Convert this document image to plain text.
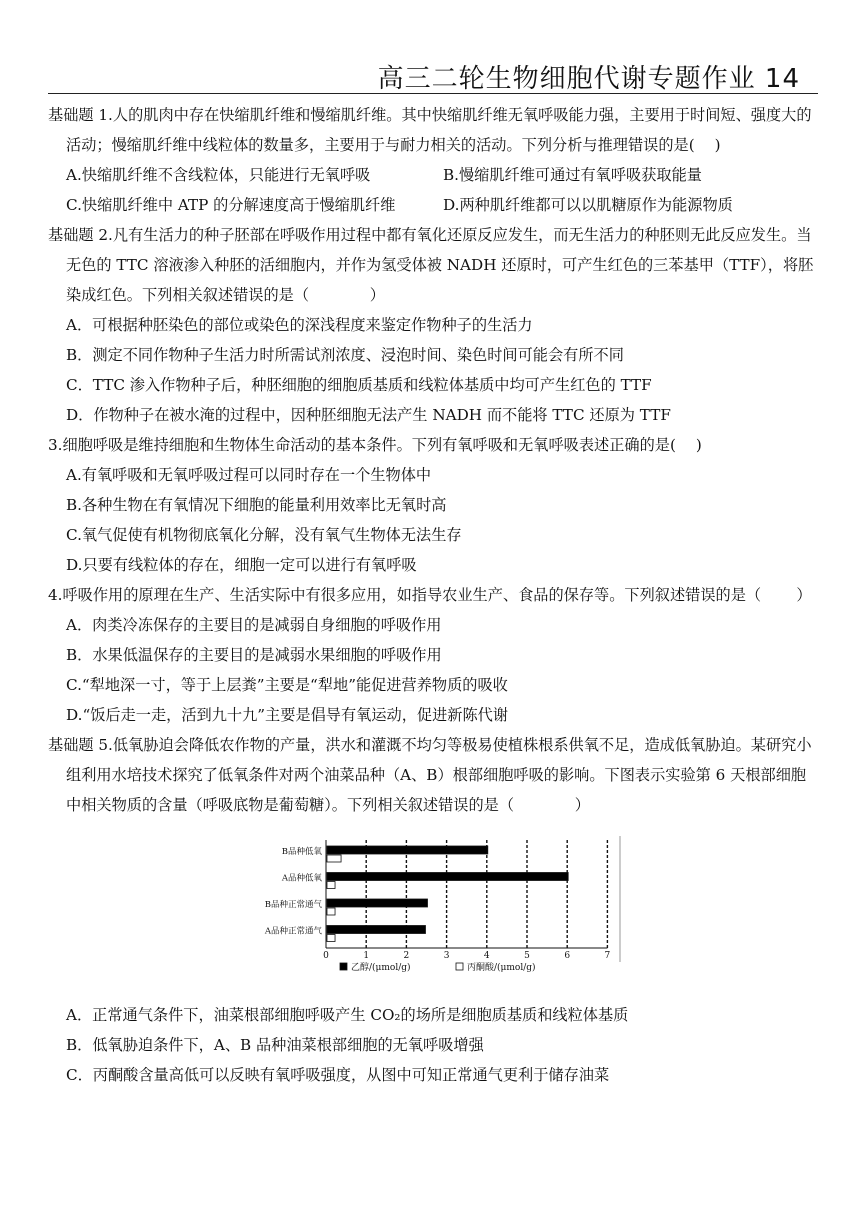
高三二轮生物细胞代谢专题作业 14

基础题 1.人的肌肉中存在快缩肌纤维和慢缩肌纤维。其中快缩肌纤维无氧呼吸能力强，主要用于时间短、强度大的活动；慢缩肌纤维中线粒体的数量多，主要用于与耐力相关的活动。下列分析与推理错误的是(　 )

A.快缩肌纤维不含线粒体，只能进行无氧呼吸	B.慢缩肌纤维可通过有氧呼吸获取能量
C.快缩肌纤维中 ATP 的分解速度高于慢缩肌纤维	D.两种肌纤维都可以以肌糖原作为能源物质

基础题 2.凡有生活力的种子胚部在呼吸作用过程中都有氧化还原反应发生，而无生活力的种胚则无此反应发生。当无色的 TTC 溶液渗入种胚的活细胞内，并作为氢受体被 NADH 还原时，可产生红色的三苯基甲（TTF），将胚染成红色。下列相关叙述错误的是（　　　　）

A．可根据种胚染色的部位或染色的深浅程度来鉴定作物种子的生活力

B．测定不同作物种子生活力时所需试剂浓度、浸泡时间、染色时间可能会有所不同

C．TTC 渗入作物种子后，种胚细胞的细胞质基质和线粒体基质中均可产生红色的 TTF

D．作物种子在被水淹的过程中，因种胚细胞无法产生 NADH 而不能将 TTC 还原为 TTF

3.细胞呼吸是维持细胞和生物体生命活动的基本条件。下列有氧呼吸和无氧呼吸表述正确的是(　 )

A.有氧呼吸和无氧呼吸过程可以同时存在一个生物体中

B.各种生物在有氧情况下细胞的能量利用效率比无氧时高

C.氧气促使有机物彻底氧化分解，没有氧气生物体无法生存

D.只要有线粒体的存在，细胞一定可以进行有氧呼吸

4.呼吸作用的原理在生产、生活实际中有很多应用，如指导农业生产、食品的保存等。下列叙述错误的是（　　 ）

A．肉类冷冻保存的主要目的是减弱自身细胞的呼吸作用

B．水果低温保存的主要目的是减弱水果细胞的呼吸作用

C.“犁地深一寸，等于上层粪”主要是“犁地”能促进营养物质的吸收

D.“饭后走一走，活到九十九”主要是倡导有氧运动，促进新陈代谢

基础题 5.低氧胁迫会降低农作物的产量，洪水和灌溉不均匀等极易使植株根系供氧不足，造成低氧胁迫。某研究小组利用水培技术探究了低氧条件对两个油菜品种（A、B）根部细胞呼吸的影响。下图表示实验第 6 天根部细胞中相关物质的含量（呼吸底物是葡萄糖）。下列相关叙述错误的是（　　　　）

0	1	2	3	4	5	6	7
B品种低氧
A品种低氧
B品种正常通气
A品种正常通气
乙醇/(μmol/g)	丙酮酸/(μmol/g)

A．正常通气条件下，油菜根部细胞呼吸产生 CO₂的场所是细胞质基质和线粒体基质

B．低氧胁迫条件下，A、B 品种油菜根部细胞的无氧呼吸增强

C．丙酮酸含量高低可以反映有氧呼吸强度，从图中可知正常通气更利于储存油菜
